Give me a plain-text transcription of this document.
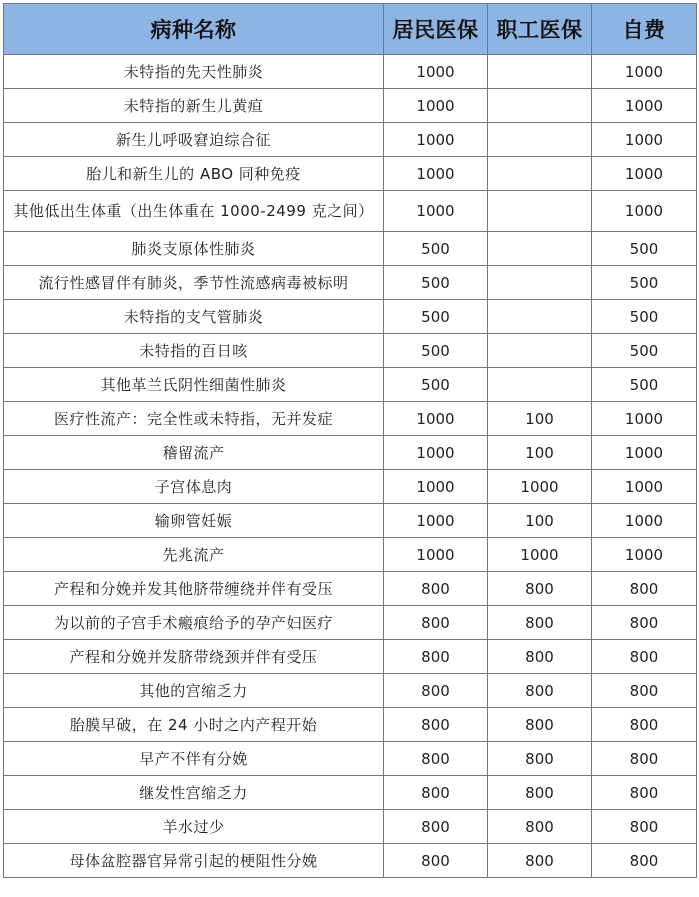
病种名称	居民医保	职工医保	自费
未特指的先天性肺炎	1000		1000
未特指的新生儿黄疸	1000		1000
新生儿呼吸窘迫综合征	1000		1000
胎儿和新生儿的 ABO 同种免疫	1000		1000
其他低出生体重（出生体重在 1000-2499 克之间）	1000		1000
肺炎支原体性肺炎	500		500
流行性感冒伴有肺炎，季节性流感病毒被标明	500		500
未特指的支气管肺炎	500		500
未特指的百日咳	500		500
其他革兰氏阴性细菌性肺炎	500		500
医疗性流产：完全性或未特指，无并发症	1000	100	1000
稽留流产	1000	100	1000
子宫体息肉	1000	1000	1000
输卵管妊娠	1000	100	1000
先兆流产	1000	1000	1000
产程和分娩并发其他脐带缠绕并伴有受压	800	800	800
为以前的子宫手术瘢痕给予的孕产妇医疗	800	800	800
产程和分娩并发脐带绕颈并伴有受压	800	800	800
其他的宫缩乏力	800	800	800
胎膜早破，在 24 小时之内产程开始	800	800	800
早产不伴有分娩	800	800	800
继发性宫缩乏力	800	800	800
羊水过少	800	800	800
母体盆腔器官异常引起的梗阻性分娩	800	800	800
